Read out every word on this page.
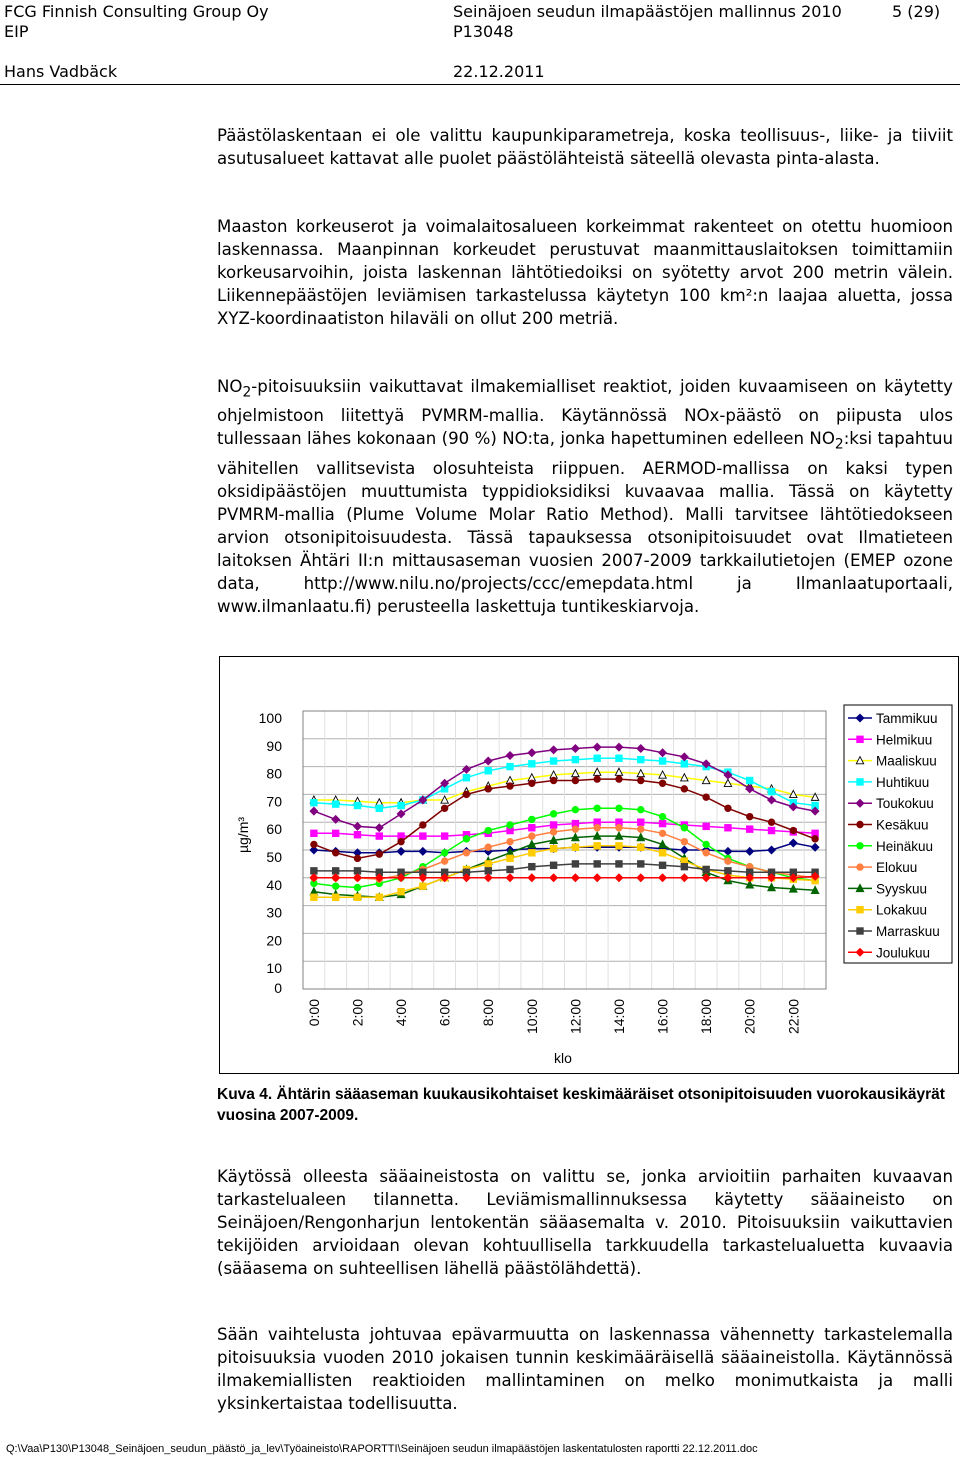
FCG Finnish Consulting Group Oy
EIP
Hans Vadbäck
Seinäjoen seudun ilmapäästöjen mallinnus 2010
P13048
22.12.2011
5 (29)

Päästölaskentaan ei ole valittu kaupunkiparametreja, koska teollisuus-, liike- ja tiiviit asutusalueet kattavat alle puolet päästölähteistä säteellä olevasta pinta-alasta.

Maaston korkeuserot ja voimalaitosalueen korkeimmat rakenteet on otettu huomioon laskennassa. Maanpinnan korkeudet perustuvat maanmittauslaitoksen toimittamiin korkeusarvoihin, joista laskennan lähtötiedoiksi on syötetty arvot 200 metrin välein. Liikennepäästöjen leviämisen tarkastelussa käytetyn 100 km²:n laajaa aluetta, jossa XYZ-koordinaatiston hilaväli on ollut 200 metriä.

$NO_2$-pitoisuuksiin vaikuttavat ilmakemialliset reaktiot, joiden kuvaamiseen on käytetty ohjelmistoon liitettyä PVMRM-mallia. Käytännössä NOx-päästö on piipusta ulos tullessaan lähes kokonaan (90 %) NO:ta, jonka hapettuminen edelleen $NO_2:ksi$ tapahtuu vähitellen vallitsevista olosuhteista riippuen. AERMOD-mallissa on kaksi typen oksidipäästöjen muuttumista typpidioksidiksi kuvaavaa mallia. Tässä on käytetty PVMRM-mallia (Plume Volume Molar Ratio Method). Malli tarvitsee lähtötiedokseen arvion otsonipitoisuudesta. Tässä tapauksessa otsonipitoisuudet ovat Ilmatieteen laitoksen Ähtäri II:n mittausaseman vuosien 2007-2009 tarkkailutietojen (EMEP ozone data, http://www.nilu.no/projects/ccc/emepdata.html ja Ilmanlaatuportaali, www.ilmanlaatu.fi) perusteella laskettuja tuntikeskiarvoja.

0
10
20
30
40
50
60
70
80
90
100
0:00 2:00 4:00 6:00 8:00 10:00 12:00 14:00 16:00 18:00 20:00 22:00
klo
µg/m³
Tammikuu
Helmikuu
Maaliskuu
Huhtikuu
Toukokuu
Kesäkuu
Heinäkuu
Elokuu
Syyskuu
Lokakuu
Marraskuu
Joulukuu
Kuva 4. Ähtärin sääaseman kuukausikohtaiset keskimääräiset otsonipitoisuuden vuorokausikäyrät vuosina 2007-2009.

Käytössä olleesta sääaineistosta on valittu se, jonka arvioitiin parhaiten kuvaavan tarkastelualeen tilannetta. Leviämismallinnuksessa käytetty sääaineisto on Seinäjoen/Rengonharjun lentokentän sääasemalta v. 2010. Pitoisuuksiin vaikuttavien tekijöiden arvioidaan olevan kohtuullisella tarkkuudella tarkastelualuetta kuvaavia (sääasema on suhteellisen lähellä päästölähdettä).

Sään vaihtelusta johtuvaa epävarmuutta on laskennassa vähennetty tarkastelemalla pitoisuuksia vuoden 2010 jokaisen tunnin keskimääräisellä sääaineistolla. Käytännössä ilmakemiallisten reaktioiden mallintaminen on melko monimutkaista ja malli yksinkertaistaa todellisuutta.

Q:\Vaa\P130\P13048_Seinäjoen_seudun_päästö_ja_lev\Työaineisto\RAPORTTI\Seinäjoen seudun ilmapäästöjen laskentatulosten raportti 22.12.2011.doc
